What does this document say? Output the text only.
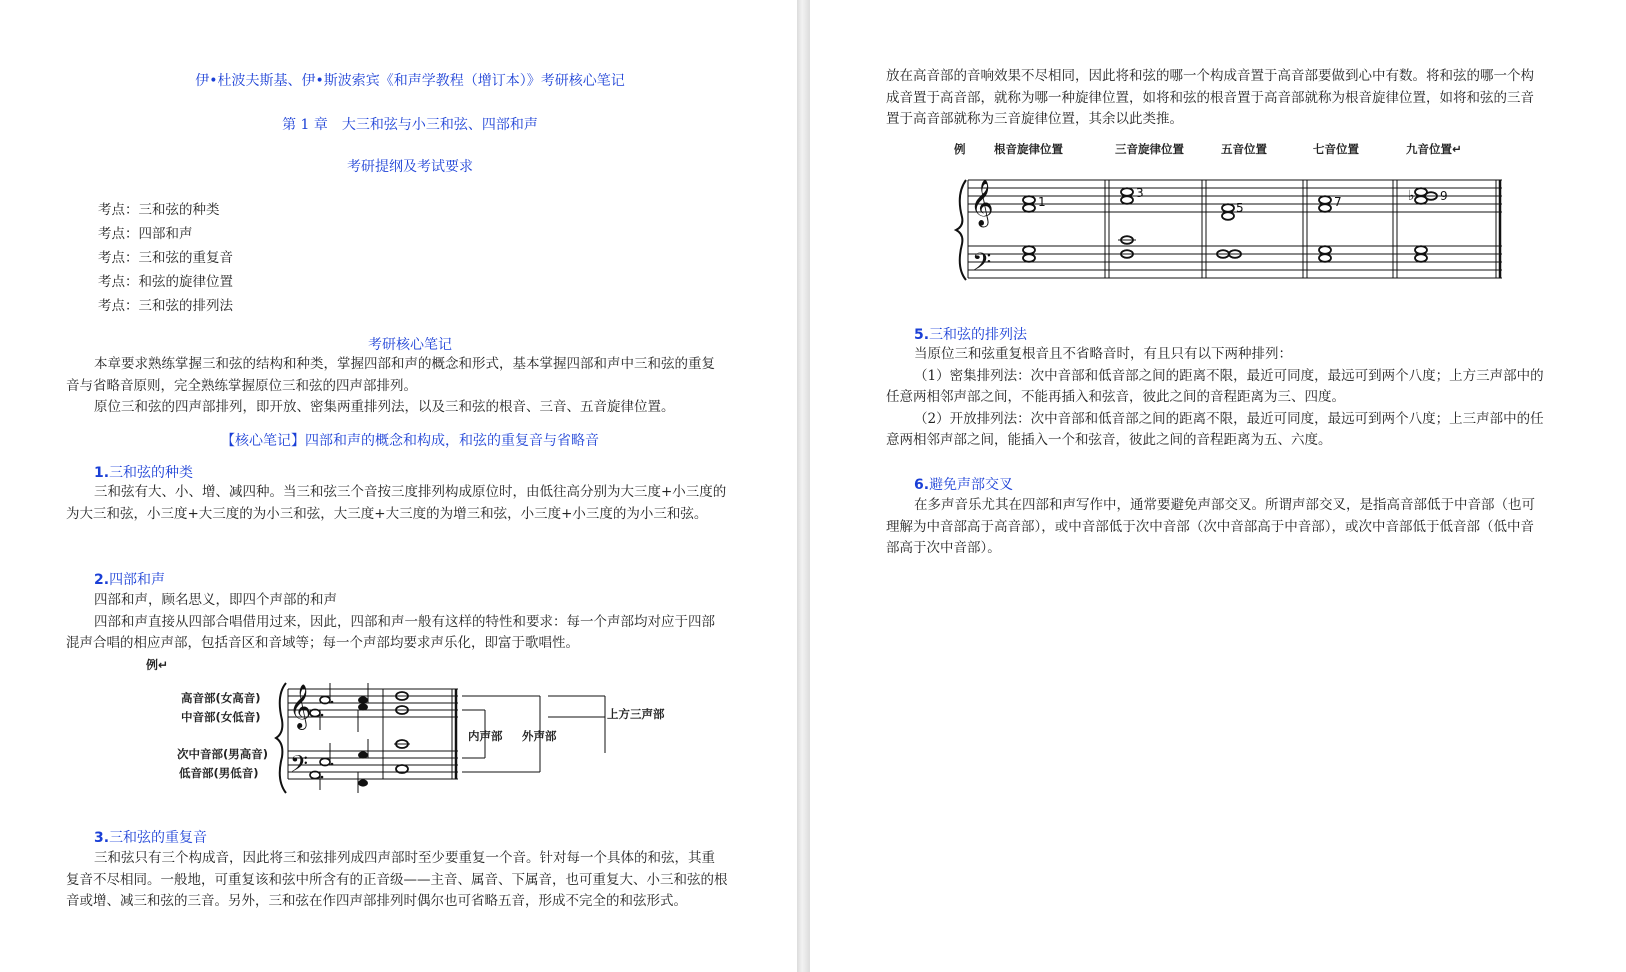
伊•杜波夫斯基、伊•斯波索宾《和声学教程（增订本）》考研核心笔记
第 1 章　大三和弦与小三和弦、四部和声
考研提纲及考试要求
考点：三和弦的种类
考点：四部和声
考点：三和弦的重复音
考点：和弦的旋律位置
考点：三和弦的排列法
考研核心笔记

本章要求熟练掌握三和弦的结构和种类，掌握四部和声的概念和形式，基本掌握四部和声中三和弦的重复音与省略音原则，完全熟练掌握原位三和弦的四声部排列。

原位三和弦的四声部排列，即开放、密集两重排列法，以及三和弦的根音、三音、五音旋律位置。

【核心笔记】四部和声的概念和构成，和弦的重复音与省略音
1.三和弦的种类

三和弦有大、小、增、减四种。当三和弦三个音按三度排列构成原位时，由低往高分别为大三度+小三度的为大三和弦，小三度+大三度的为小三和弦，大三度+大三度的为增三和弦，小三度+小三度的为小三和弦。

2.四部和声

四部和声，顾名思义，即四个声部的和声

四部和声直接从四部合唱借用过来，因此，四部和声一般有这样的特性和要求：每一个声部均对应于四部混声合唱的相应声部，包括音区和音域等；每一个声部均要求声乐化，即富于歌唱性。

例↵
高音部(女高音)
中音部(女低音)
次中音部(男高音)
低音部(男低音)
内声部 外声部
上方三声部
𝄞
𝄢
3.三和弦的重复音

三和弦只有三个构成音，因此将三和弦排列成四声部时至少要重复一个音。针对每一个具体的和弦，其重复音不尽相同。一般地，可重复该和弦中所含有的正音级——主音、属音、下属音，也可重复大、小三和弦的根音或增、减三和弦的三音。另外，三和弦在作四声部排列时偶尔也可省略五音，形成不完全的和弦形式。

放在高音部的音响效果不尽相同，因此将和弦的哪一个构成音置于高音部要做到心中有数。将和弦的哪一个构成音置于高音部，就称为哪一种旋律位置，如将和弦的根音置于高音部就称为根音旋律位置，如将和弦的三音置于高音部就称为三音旋律位置，其余以此类推。

例 根音旋律位置	三音旋律位置	五音位置	七音位置	九音位置↵
𝄞
𝄢
♭
1
3
5	7	9
5.三和弦的排列法

当原位三和弦重复根音且不省略音时，有且只有以下两种排列：

（1）密集排列法：次中音部和低音部之间的距离不限，最近可同度，最远可到两个八度；上方三声部中的任意两相邻声部之间，不能再插入和弦音，彼此之间的音程距离为三、四度。

（2）开放排列法：次中音部和低音部之间的距离不限，最近可同度，最远可到两个八度；上三声部中的任意两相邻声部之间，能插入一个和弦音，彼此之间的音程距离为五、六度。

6.避免声部交叉

在多声音乐尤其在四部和声写作中，通常要避免声部交叉。所谓声部交叉，是指高音部低于中音部（也可理解为中音部高于高音部），或中音部低于次中音部（次中音部高于中音部），或次中音部低于低音部（低中音部高于次中音部）。
